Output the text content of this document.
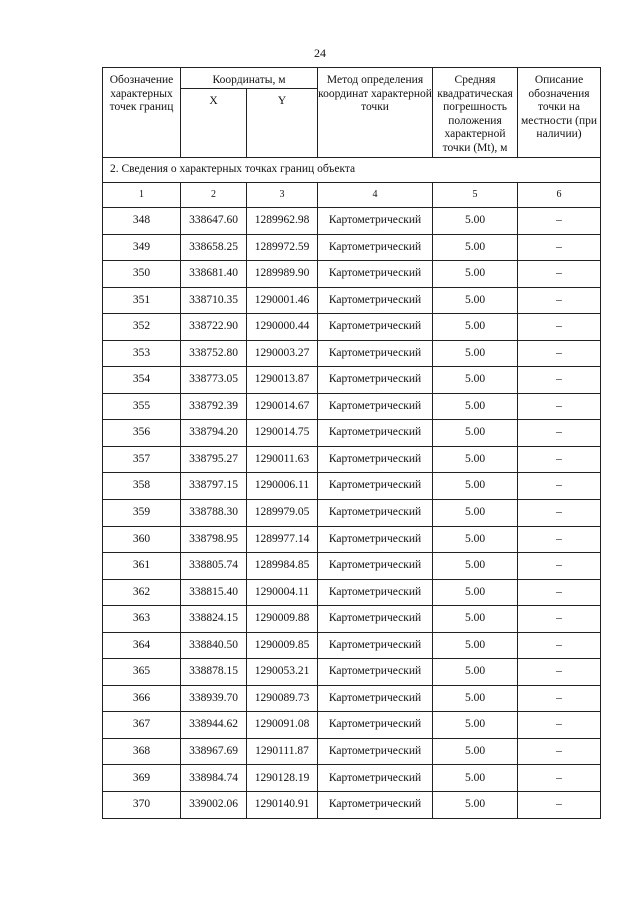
24
2. Сведения о характерных точках границ объекта					
Обозначение характерных точек границ	Координаты, м		Метод определения координат характерной точки	Средняя квадратическая погрешность положения характерной точки (Mt), м	Описание обозначения точки на местности (при наличии)
	X	Y			
1	2	3	4	5	6
348	338647.60	1289962.98	Картометрический	5.00	–
349	338658.25	1289972.59	Картометрический	5.00	–
350	338681.40	1289989.90	Картометрический	5.00	–
351	338710.35	1290001.46	Картометрический	5.00	–
352	338722.90	1290000.44	Картометрический	5.00	–
353	338752.80	1290003.27	Картометрический	5.00	–
354	338773.05	1290013.87	Картометрический	5.00	–
355	338792.39	1290014.67	Картометрический	5.00	–
356	338794.20	1290014.75	Картометрический	5.00	–
357	338795.27	1290011.63	Картометрический	5.00	–
358	338797.15	1290006.11	Картометрический	5.00	–
359	338788.30	1289979.05	Картометрический	5.00	–
360	338798.95	1289977.14	Картометрический	5.00	–
361	338805.74	1289984.85	Картометрический	5.00	–
362	338815.40	1290004.11	Картометрический	5.00	–
363	338824.15	1290009.88	Картометрический	5.00	–
364	338840.50	1290009.85	Картометрический	5.00	–
365	338878.15	1290053.21	Картометрический	5.00	–
366	338939.70	1290089.73	Картометрический	5.00	–
367	338944.62	1290091.08	Картометрический	5.00	–
368	338967.69	1290111.87	Картометрический	5.00	–
369	338984.74	1290128.19	Картометрический	5.00	–
370	339002.06	1290140.91	Картометрический	5.00	–
